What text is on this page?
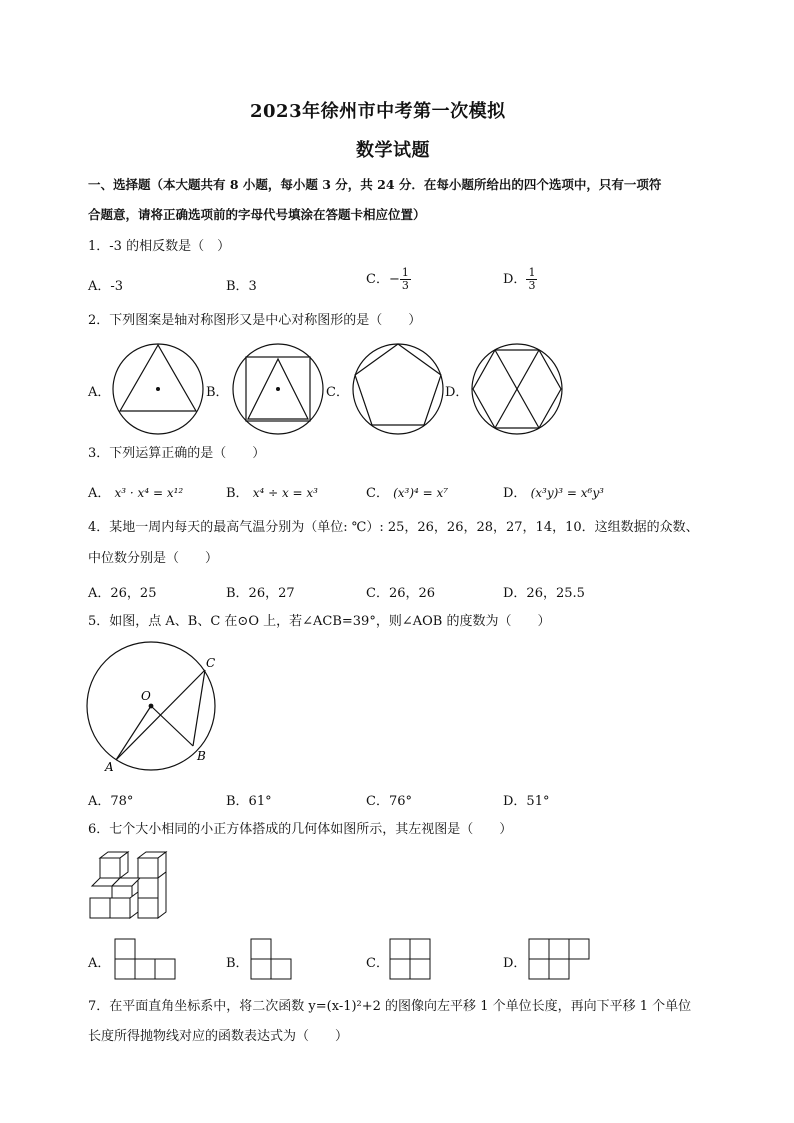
2023年徐州市中考第一次模拟
数学试题
一、选择题（本大题共有 8 小题，每小题 3 分，共 24 分．在每小题所给出的四个选项中，只有一项符
合题意，请将正确选项前的字母代号填涂在答题卡相应位置）
1．-3 的相反数是（　）
A．-3	B．3	C．− $\frac{1}{3}$	D． $\frac{1}{3}$
2．下列图案是轴对称图形又是中心对称图形的是（　　）
A．	B．	C．	D．
3．下列运算正确的是（　　）
A． x³ · x⁴ = x¹²	B． x⁴ ÷ x = x³	C． (x³)⁴ = x⁷	D． (x³y)³ = x⁶y³
4．某地一周内每天的最高气温分别为（单位: ℃）: 25，26，26，28，27，14，10．这组数据的众数、
中位数分别是（　　）
A．26，25	B．26，27	C．26，26	D．26，25.5
5．如图，点 A、B、C 在⊙O 上，若∠ACB=39°，则∠AOB 的度数为（　　）
O
A
B
C
A．78°	B．61°	C．76°	D．51°
6．七个大小相同的小正方体搭成的几何体如图所示，其左视图是（　　）
A．	B．	C．	D．
7．在平面直角坐标系中，将二次函数 y=(x-1)²+2 的图像向左平移 1 个单位长度，再向下平移 1 个单位
长度所得抛物线对应的函数表达式为（　　）
